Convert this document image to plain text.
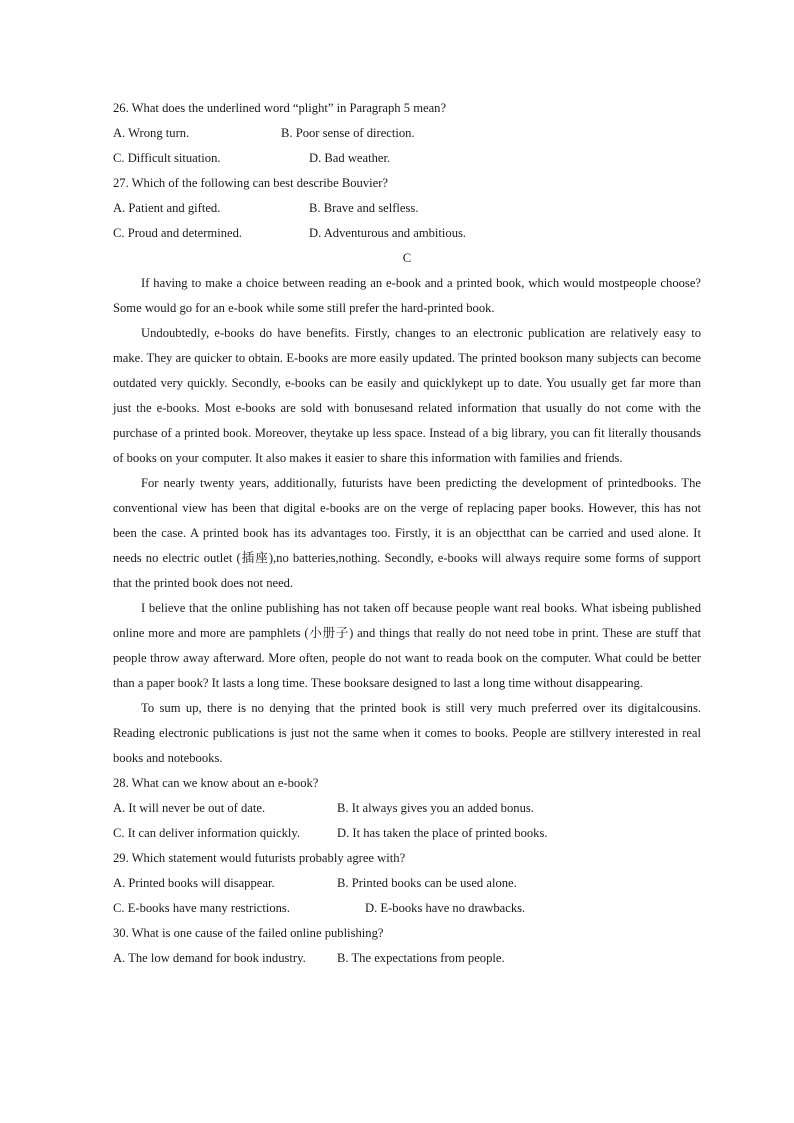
26. What does the underlined word “plight” in Paragraph 5 mean?
A. Wrong turn.	B. Poor sense of direction.
C. Difficult situation.	D. Bad weather.
27. Which of the following can best describe Bouvier?
A. Patient and gifted.	B. Brave and selfless.
C. Proud and determined.	D. Adventurous and ambitious.
C

If having to make a choice between reading an e-book and a printed book, which would mostpeople choose? Some would go for an e-book while some still prefer the hard-printed book.

Undoubtedly, e-books do have benefits. Firstly, changes to an electronic publication are relatively easy to make. They are quicker to obtain. E-books are more easily updated. The printed bookson many subjects can become outdated very quickly. Secondly, e-books can be easily and quicklykept up to date. You usually get far more than just the e-books. Most e-books are sold with bonusesand related information that usually do not come with the purchase of a printed book. Moreover, theytake up less space. Instead of a big library, you can fit literally thousands of books on your computer. It also makes it easier to share this information with families and friends.

For nearly twenty years, additionally, futurists have been predicting the development of printedbooks. The conventional view has been that digital e-books are on the verge of replacing paper books. However, this has not been the case. A printed book has its advantages too. Firstly, it is an objectthat can be carried and used alone. It needs no electric outlet (插座),no batteries,nothing. Secondly, e-books will always require some forms of support that the printed book does not need.

I believe that the online publishing has not taken off because people want real books. What isbeing published online more and more are pamphlets (小册子) and things that really do not need tobe in print. These are stuff that people throw away afterward. More often, people do not want to reada book on the computer. What could be better than a paper book? It lasts a long time. These booksare designed to last a long time without disappearing.

To sum up, there is no denying that the printed book is still very much preferred over its digitalcousins. Reading electronic publications is just not the same when it comes to books. People are stillvery interested in real books and notebooks.

28. What can we know about an e-book?
A. It will never be out of date.	B. It always gives you an added bonus.
C. It can deliver information quickly.	D. It has taken the place of printed books.
29. Which statement would futurists probably agree with?
A. Printed books will disappear.	B. Printed books can be used alone.
C. E-books have many restrictions.	D. E-books have no drawbacks.
30. What is one cause of the failed online publishing?
A. The low demand for book industry. B. The expectations from people.
